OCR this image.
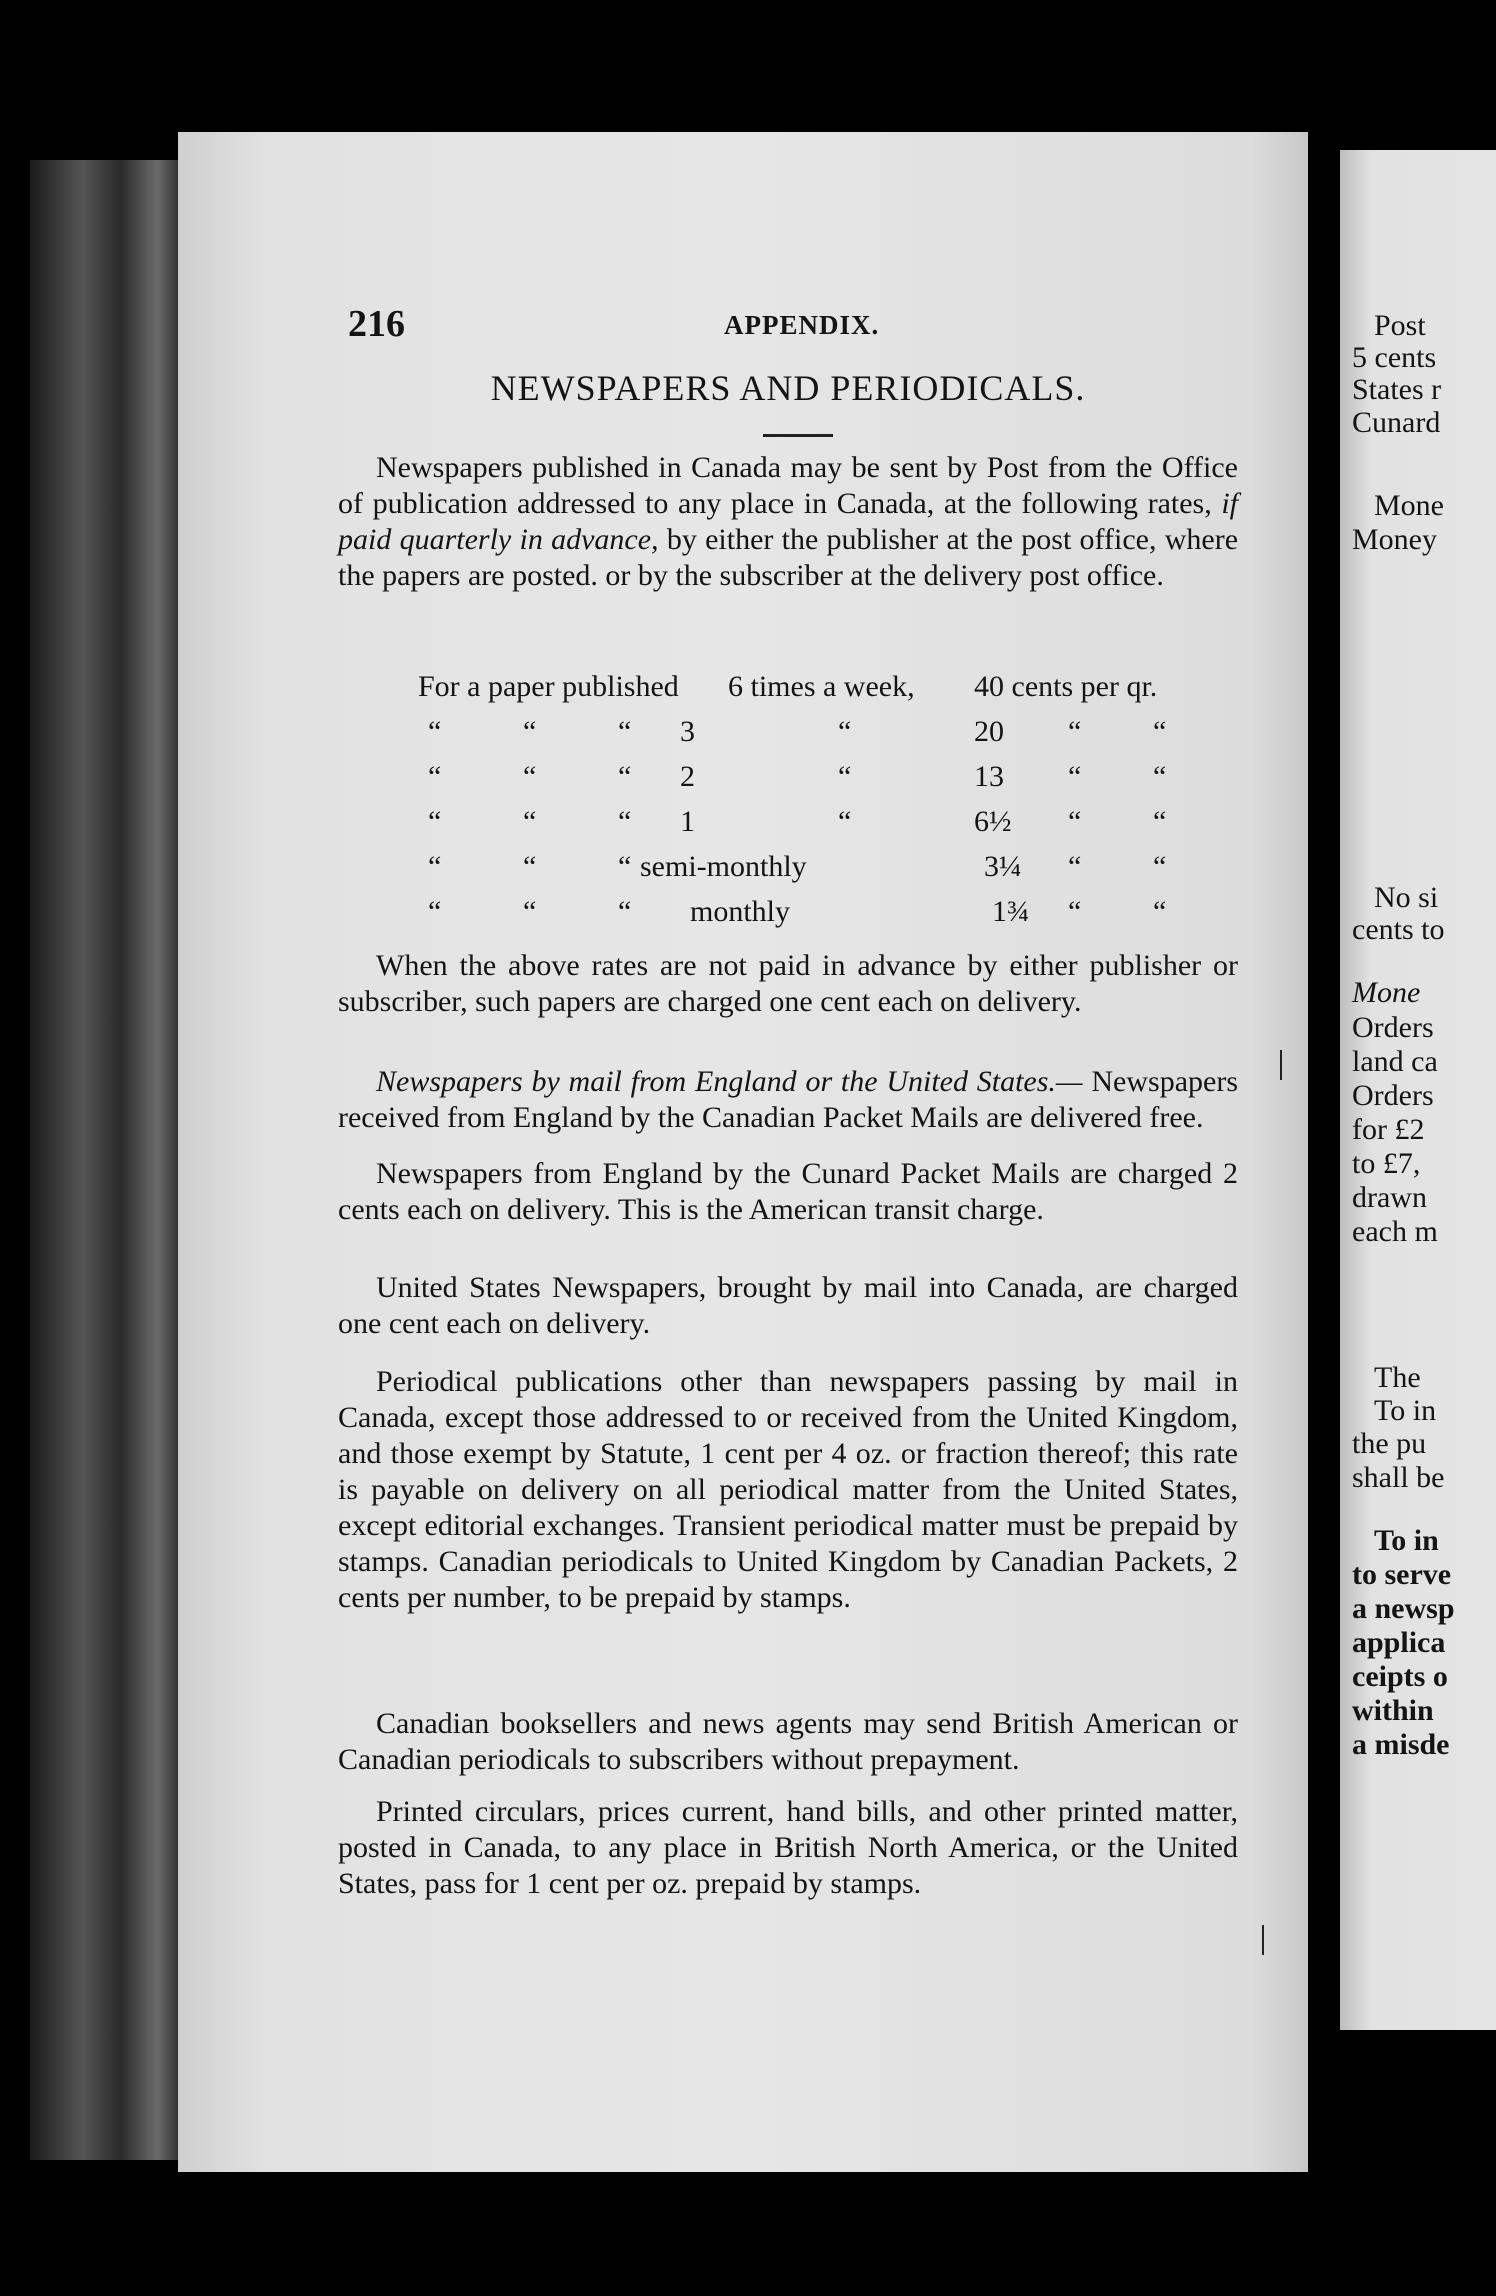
216	APPENDIX.
NEWSPAPERS AND PERIODICALS.
Newspapers published in Canada may be sent by Post from the Office of publication addressed to any place in Canada, at the following rates, if paid quarterly in advance, by either the publisher at the post office, where the papers are posted. or by the subscriber at the delivery post office.
For a paper published 6 times a week, 40 cents per qr.
“	“	“ 3	“	20 “ “
“	“	“ 2	“	13 “ “
“	“	“ 1	“	6½ “ “
“	“	“ semi-monthly	3¼ “ “
“	“	“ monthly	1¾ “ “
When the above rates are not paid in advance by either publisher or subscriber, such papers are charged one cent each on delivery.
Newspapers by mail from England or the United States.— Newspapers received from England by the Canadian Packet Mails are delivered free.
Newspapers from England by the Cunard Packet Mails are charged 2 cents each on delivery. This is the American transit charge.
United States Newspapers, brought by mail into Canada, are charged one cent each on delivery.
Periodical publications other than newspapers passing by mail in Canada, except those addressed to or received from the United Kingdom, and those exempt by Statute, 1 cent per 4 oz. or fraction thereof; this rate is payable on delivery on all periodical matter from the United States, except editorial exchanges. Transient periodical matter must be prepaid by stamps. Canadian periodicals to United Kingdom by Canadian Packets, 2 cents per number, to be prepaid by stamps.
Canadian booksellers and news agents may send British American or Canadian periodicals to subscribers without prepayment.
Printed circulars, prices current, hand bills, and other printed matter, posted in Canada, to any place in British North America, or the United States, pass for 1 cent per oz. prepaid by stamps.
Post
5 cents
States r
Cunard
Mone
Money
No si
cents to
Mone
Orders
land ca
Orders
for £2
to £7,
drawn
each m
The
To in
the pu
shall be
To in
to serve
a newsp
applica
ceipts o
within
a misde
